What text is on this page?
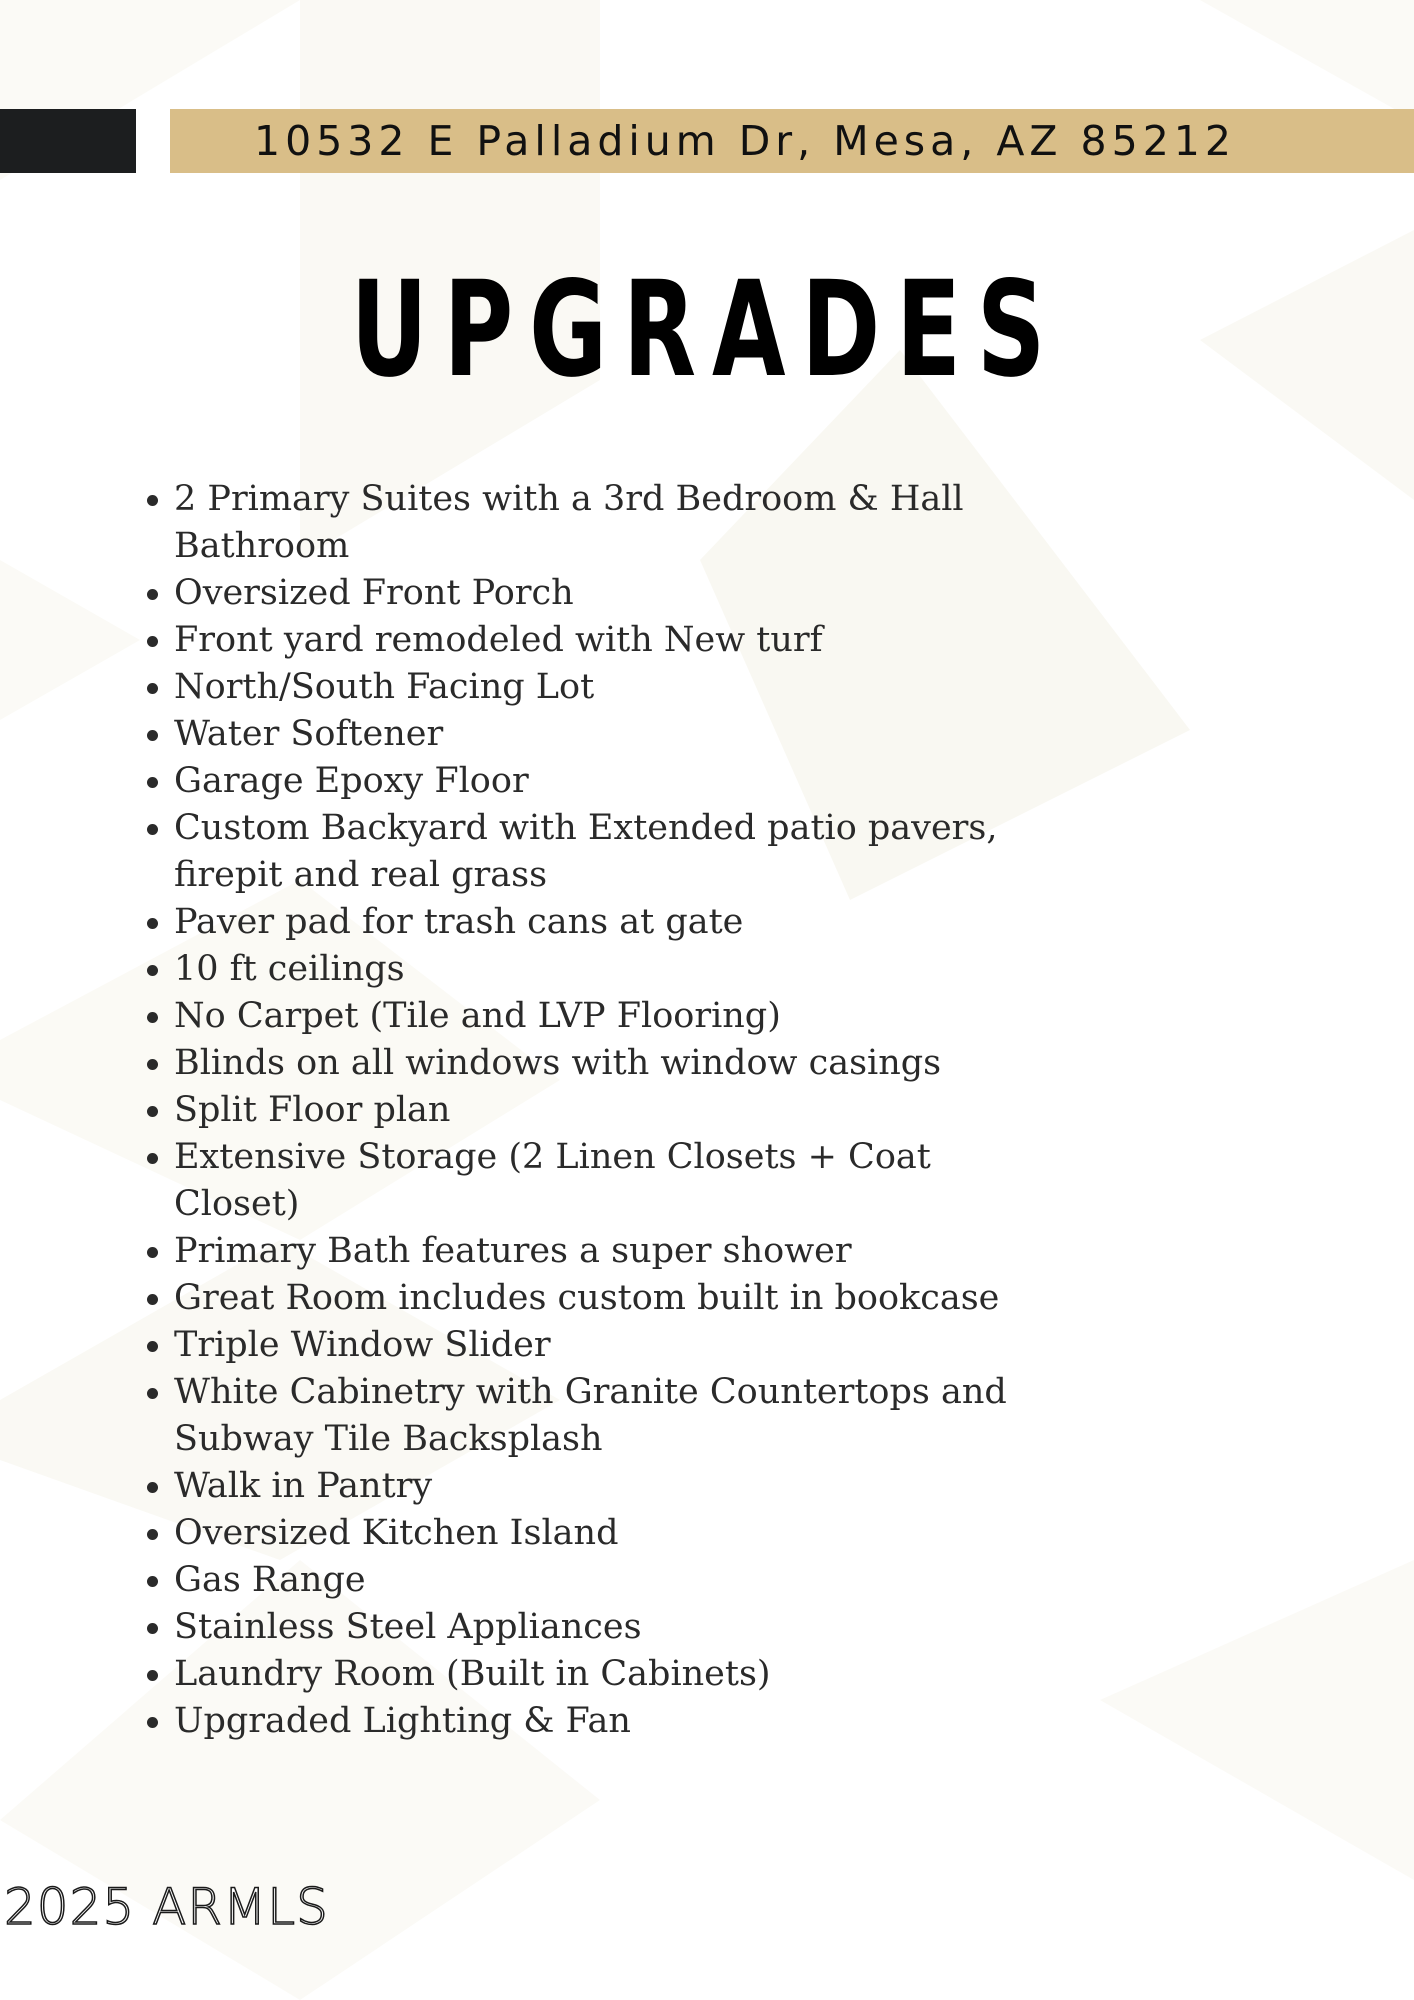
10532 E Palladium Dr, Mesa, AZ 85212
UPGRADES
2 Primary Suites with a 3rd Bedroom & Hall
Bathroom
Oversized Front Porch
Front yard remodeled with New turf
North/South Facing Lot
Water Softener
Garage Epoxy Floor
Custom Backyard with Extended patio pavers,
firepit and real grass
Paver pad for trash cans at gate
10 ft ceilings
No Carpet (Tile and LVP Flooring)
Blinds on all windows with window casings
Split Floor plan
Extensive Storage (2 Linen Closets + Coat Closet)
Primary Bath features a super shower
Great Room includes custom built in bookcase
Triple Window Slider
White Cabinetry with Granite Countertops and
Subway Tile Backsplash
Walk in Pantry
Oversized Kitchen Island
Gas Range
Stainless Steel Appliances
Laundry Room (Built in Cabinets)
Upgraded Lighting & Fan
2025 ARMLS
